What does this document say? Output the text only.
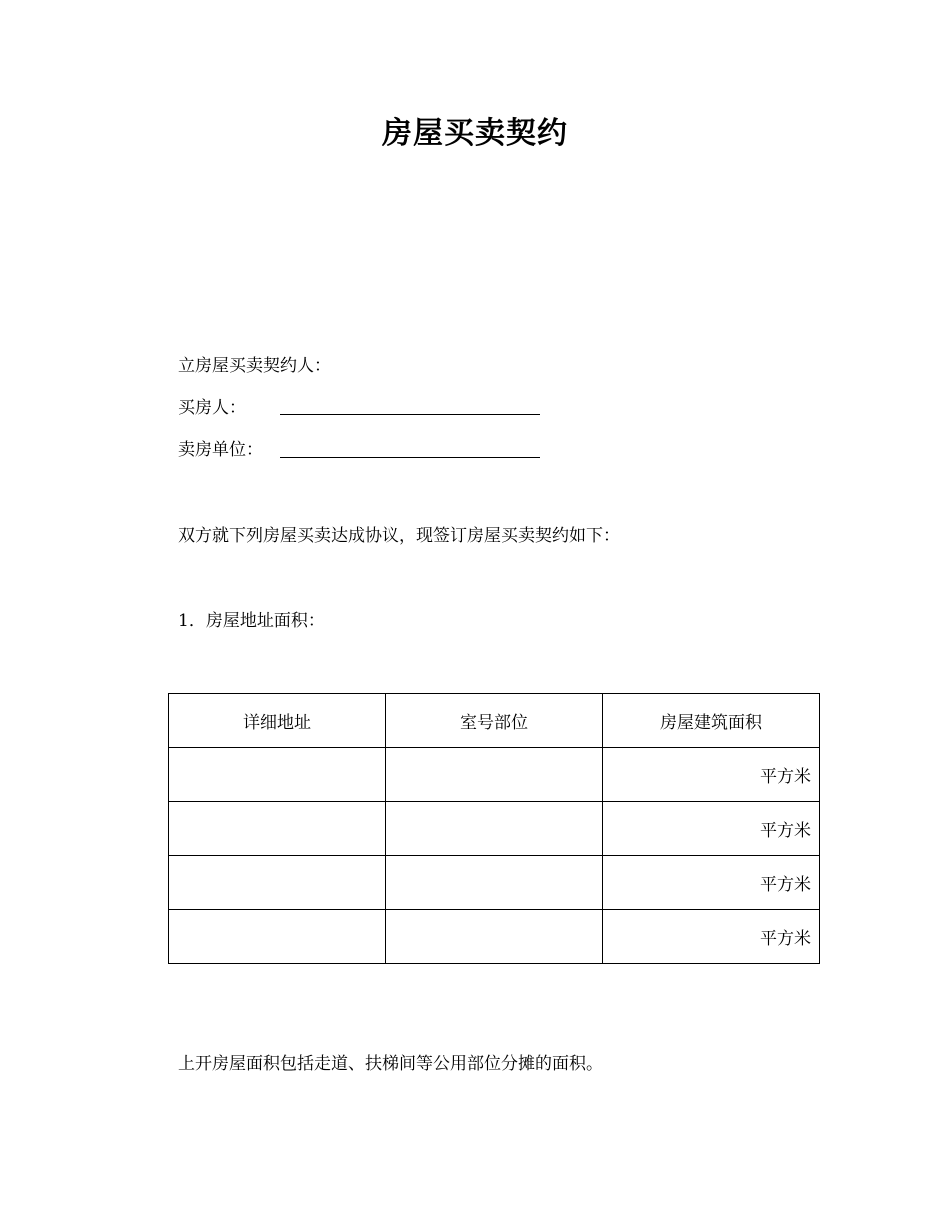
房屋买卖契约
立房屋买卖契约人：
买房人：
卖房单位：
双方就下列房屋买卖达成协议，现签订房屋买卖契约如下：
1．房屋地址面积：
详细地址	室号部位	房屋建筑面积
		平方米
		平方米
		平方米
		平方米
上开房屋面积包括走道、扶梯间等公用部位分摊的面积。
